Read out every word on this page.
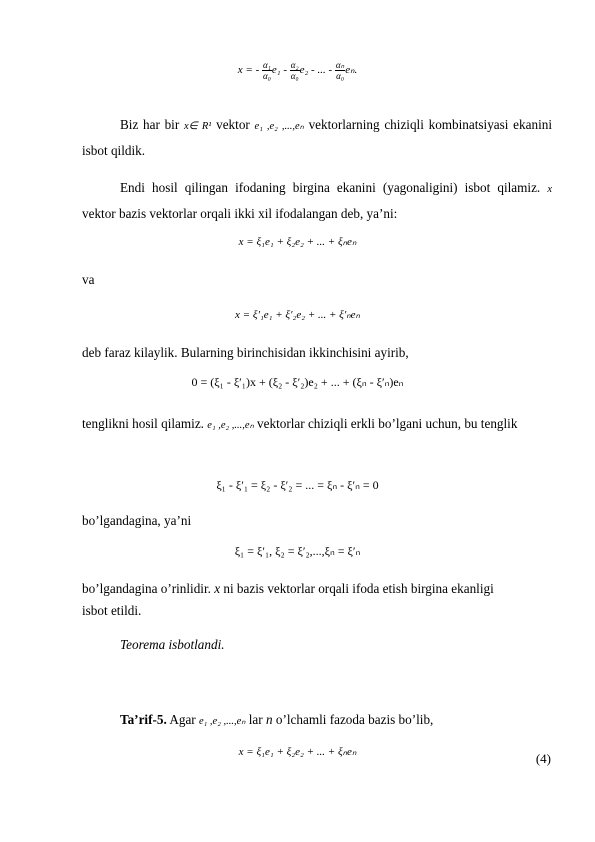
x = - $\frac{\text{α₁}}{\text{α₀}} e_1 - \frac{\text{α₂}}{\text{α₀}} e_2$ - ... - $\frac{\text{αₙ}}{\text{α₀}} e_n$.
Biz har bir x∈ R¹ vektor e₁ ,e₂ ,...,eₙ vektorlarning chiziqli kombinatsiyasi ekanini isbot qildik.
Endi hosil qilingan ifodaning birgina ekanini (yagonaligini) isbot qilamiz. x vektor bazis vektorlar orqali ikki xil ifodalangan deb, ya’ni:
x = ξ₁e₁ + ξ₂e₂ + ... + ξₙeₙ
va
x = ξ′₁e₁ + ξ′₂e₂ + ... + ξ′ₙeₙ
deb faraz kilaylik. Bularning birinchisidan ikkinchisini ayirib,
0 = (ξ₁ - ξ′₁)x + (ξ₂ - ξ′₂)e₂ + ... + (ξₙ - ξ′ₙ)eₙ
tenglikni hosil qilamiz. e₁ ,e₂ ,...,eₙ vektorlar chiziqli erkli bo’lgani uchun, bu tenglik
ξ₁ - ξ′₁ = ξ₂ - ξ′₂ = ... = ξₙ - ξ′ₙ = 0
bo’lgandagina, ya’ni
ξ₁ = ξ′₁, ξ₂ = ξ′₂,...,ξₙ = ξ′ₙ
bo’lgandagina o’rinlidir. x ni bazis vektorlar orqali ifoda etish birgina ekanligi
isbot etildi.
Teorema isbotlandi.
Ta’rif-5. Agar e₁ ,e₂ ,...,eₙ lar n o’lchamli fazoda bazis bo’lib,
x = ξ₁e₁ + ξ₂e₂ + ... + ξₙeₙ	(4)
